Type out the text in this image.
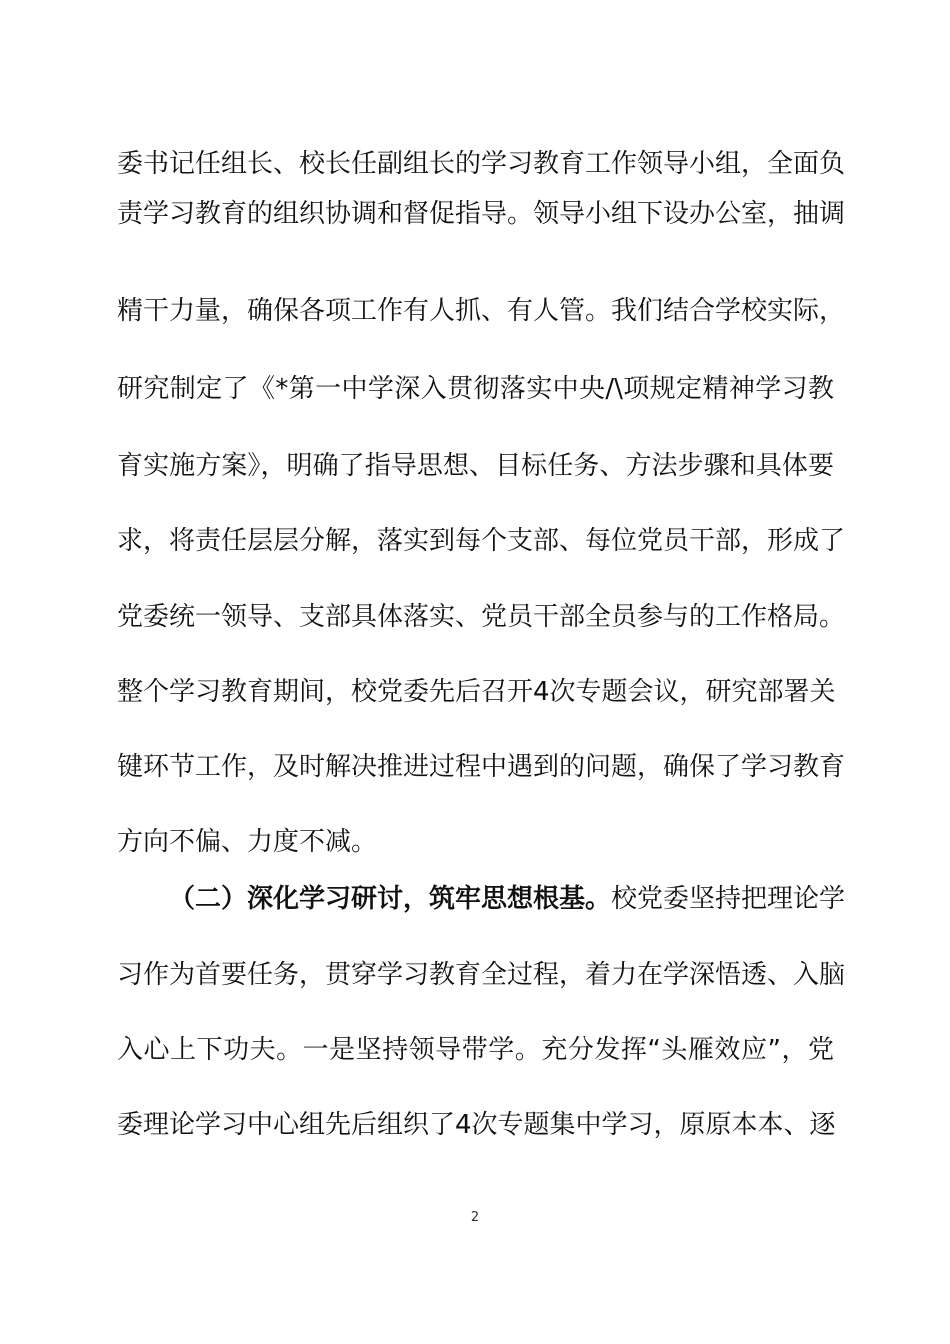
委书记任组长、校长任副组长的学习教育工作领导小组，全面负
责学习教育的组织协调和督促指导。领导小组下设办公室，抽调
精干力量，确保各项工作有人抓、有人管。我们结合学校实际，
研究制定了《*第一中学深入贯彻落实中央/\项规定精神学习教
育实施方案》，明确了指导思想、目标任务、方法步骤和具体要
求，将责任层层分解，落实到每个支部、每位党员干部，形成了
党委统一领导、支部具体落实、党员干部全员参与的工作格局。
整个学习教育期间，校党委先后召开4次专题会议，研究部署关
键环节工作，及时解决推进过程中遇到的问题，确保了学习教育
方向不偏、力度不减。
（二）深化学习研讨，筑牢思想根基。校党委坚持把理论学
习作为首要任务，贯穿学习教育全过程，着力在学深悟透、入脑
入心上下功夫。一是坚持领导带学。充分发挥“头雁效应”，党
委理论学习中心组先后组织了4次专题集中学习，原原本本、逐
2
